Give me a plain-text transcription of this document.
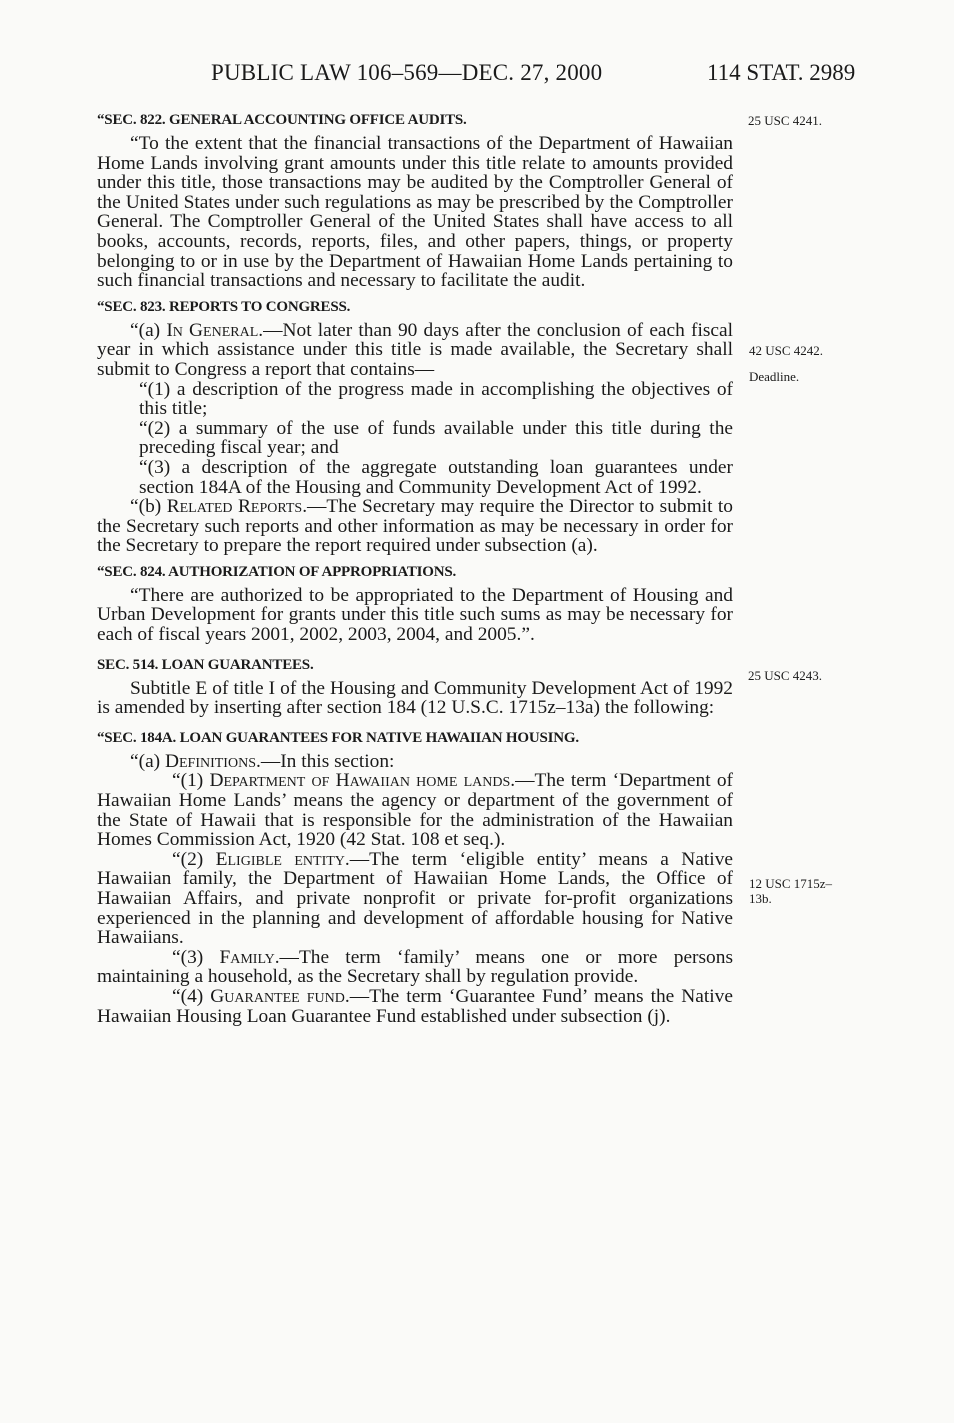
PUBLIC LAW 106–569—DEC. 27, 2000	114 STAT. 2989
25 USC 4241.
42 USC 4242.
Deadline.
25 USC 4243.
12 USC 1715z–
13b.
“SEC. 822. GENERAL ACCOUNTING OFFICE AUDITS.

“To the extent that the financial transactions of the Department of Hawaiian Home Lands involving grant amounts under this title relate to amounts provided under this title, those transactions may be audited by the Comptroller General of the United States under such regulations as may be prescribed by the Comptroller General. The Comptroller General of the United States shall have access to all books, accounts, records, reports, files, and other papers, things, or property belonging to or in use by the Department of Hawaiian Home Lands pertaining to such financial transactions and necessary to facilitate the audit.

“SEC. 823. REPORTS TO CONGRESS.

“(a) In General.—Not later than 90 days after the conclusion of each fiscal year in which assistance under this title is made available, the Secretary shall submit to Congress a report that contains—

“(1) a description of the progress made in accomplishing the objectives of this title;

“(2) a summary of the use of funds available under this title during the preceding fiscal year; and

“(3) a description of the aggregate outstanding loan guarantees under section 184A of the Housing and Community Development Act of 1992.

“(b) Related Reports.—The Secretary may require the Director to submit to the Secretary such reports and other information as may be necessary in order for the Secretary to prepare the report required under subsection (a).

“SEC. 824. AUTHORIZATION OF APPROPRIATIONS.

“There are authorized to be appropriated to the Department of Housing and Urban Development for grants under this title such sums as may be necessary for each of fiscal years 2001, 2002, 2003, 2004, and 2005.”.

SEC. 514. LOAN GUARANTEES.

Subtitle E of title I of the Housing and Community Development Act of 1992 is amended by inserting after section 184 (12 U.S.C. 1715z–13a) the following:

“SEC. 184A. LOAN GUARANTEES FOR NATIVE HAWAIIAN HOUSING.

“(a) Definitions.—In this section:

“(1) Department of Hawaiian home lands.—The term ‘Department of Hawaiian Home Lands’ means the agency or department of the government of the State of Hawaii that is responsible for the administration of the Hawaiian Homes Commission Act, 1920 (42 Stat. 108 et seq.).

“(2) Eligible entity.—The term ‘eligible entity’ means a Native Hawaiian family, the Department of Hawaiian Home Lands, the Office of Hawaiian Affairs, and private nonprofit or private for-profit organizations experienced in the planning and development of affordable housing for Native Hawaiians.

“(3) Family.—The term ‘family’ means one or more persons maintaining a household, as the Secretary shall by regulation provide.

“(4) Guarantee fund.—The term ‘Guarantee Fund’ means the Native Hawaiian Housing Loan Guarantee Fund established under subsection (j).
